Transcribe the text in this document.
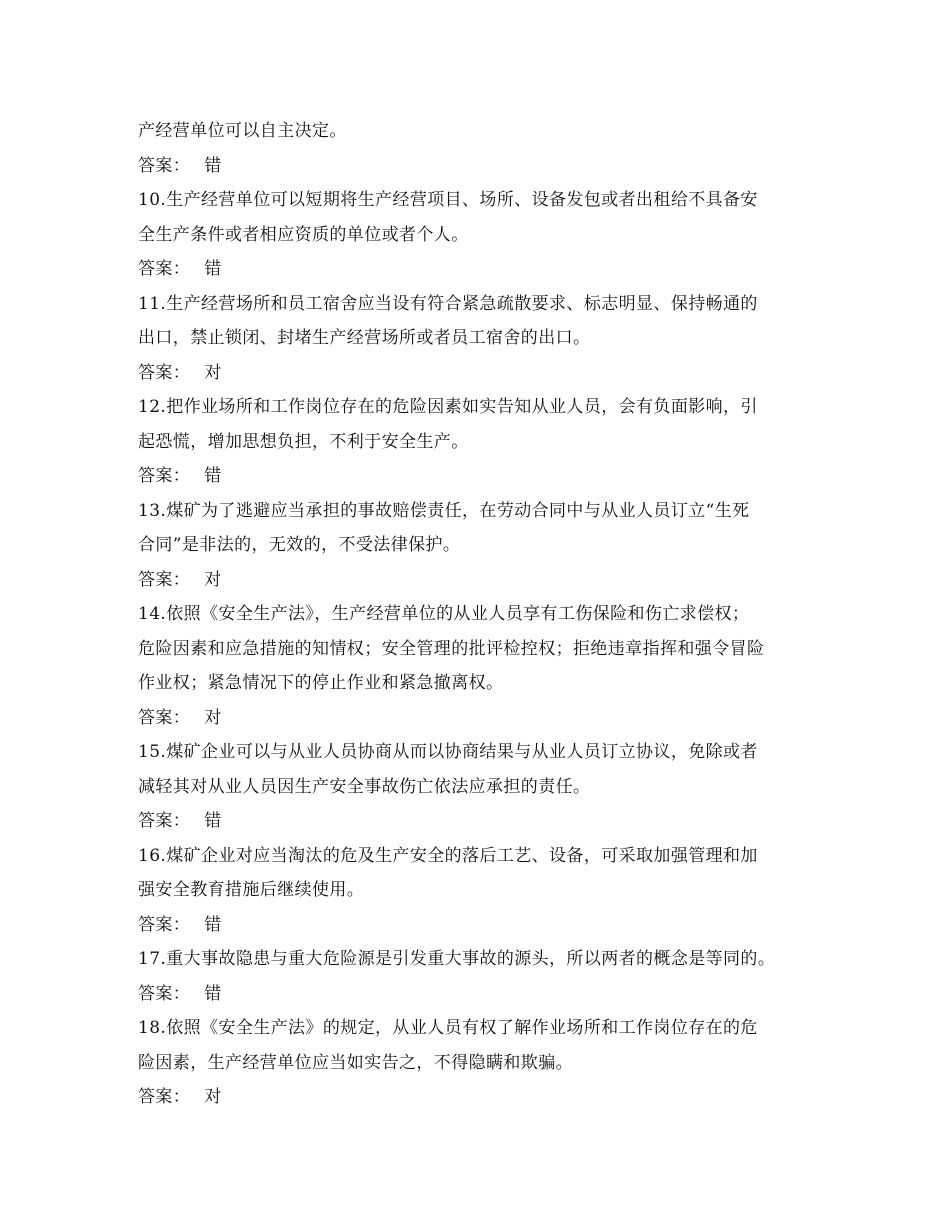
产经营单位可以自主决定。
答案： 错
10.生产经营单位可以短期将生产经营项目、场所、设备发包或者出租给不具备安
全生产条件或者相应资质的单位或者个人。
答案： 错
11.生产经营场所和员工宿舍应当设有符合紧急疏散要求、标志明显、保持畅通的
出口，禁止锁闭、封堵生产经营场所或者员工宿舍的出口。
答案： 对
12.把作业场所和工作岗位存在的危险因素如实告知从业人员，会有负面影响，引
起恐慌，增加思想负担，不利于安全生产。
答案： 错
13.煤矿为了逃避应当承担的事故赔偿责任，在劳动合同中与从业人员订立“生死
合同”是非法的，无效的，不受法律保护。
答案： 对
14.依照《安全生产法》，生产经营单位的从业人员享有工伤保险和伤亡求偿权；
危险因素和应急措施的知情权；安全管理的批评检控权；拒绝违章指挥和强令冒险
作业权；紧急情况下的停止作业和紧急撤离权。
答案： 对
15.煤矿企业可以与从业人员协商从而以协商结果与从业人员订立协议，免除或者
减轻其对从业人员因生产安全事故伤亡依法应承担的责任。
答案： 错
16.煤矿企业对应当淘汰的危及生产安全的落后工艺、设备，可采取加强管理和加
强安全教育措施后继续使用。
答案： 错
17.重大事故隐患与重大危险源是引发重大事故的源头，所以两者的概念是等同的。
答案： 错
18.依照《安全生产法》的规定，从业人员有权了解作业场所和工作岗位存在的危
险因素，生产经营单位应当如实告之，不得隐瞒和欺骗。
答案： 对
